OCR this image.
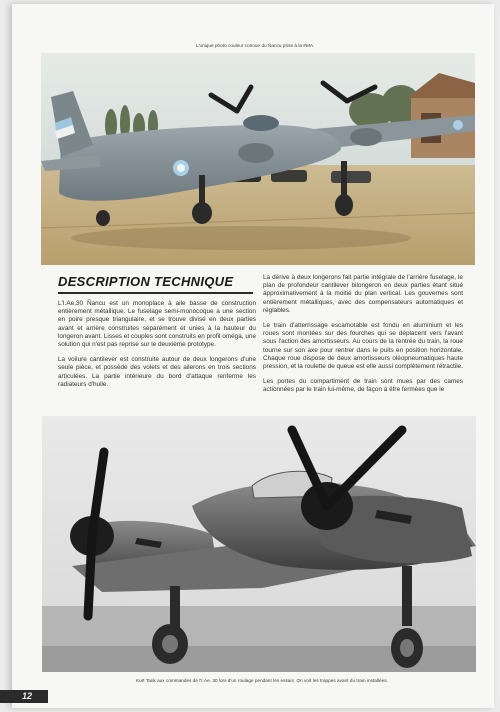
L'unique photo couleur connue du Ñancu prise à la FMA.
DESCRIPTION TECHNIQUE

L'I.Ae.30 Ñancu est un monoplace à aile basse de construction entièrement métallique. Le fuselage semi-monocoque a une section en poire presque triangulaire, et se trouve divisé en deux parties avant et arrière construites séparément et unies à la hauteur du longeron avant. Lisses et couples sont construits en profil oméga, une solution qui n'est pas reprise sur le deuxième prototype.

La voilure cantilever est construite autour de deux longerons d'une seule pièce, et possède des volets et des ailerons en trois sections articulées. La partie intérieure du bord d'attaque renferme les radiateurs d'huile.

La dérive à deux longerons fait partie intégrale de l'arrière fuselage, le plan de profondeur cantilever bilongeron en deux parties étant situé approximativement à la moitié du plan vertical. Les gouvernes sont entièrement métalliques, avec des compensateurs automatiques et réglables.

Le train d'atterrissage escamotable est fondu en aluminium et les roues sont montées sur des fourches qui se déplacent vers l'avant sous l'action des amortisseurs. Au cours de la rentrée du train, la roue tourne sur son axe pour rentrer dans le puits en position horizontale. Chaque roue dispose de deux amortisseurs oléopneumatiques haute pression, et la roulette de queue est elle aussi complètement rétractile.

Les portes du compartiment de train sont mues par des cames actionnées par le train lui-même, de façon à être fermées que le

Kurt Tank aux commandes de l'I.Ae. 30 lors d'un roulage pendant les essais. On voit les trappes avant du train installées.
12
